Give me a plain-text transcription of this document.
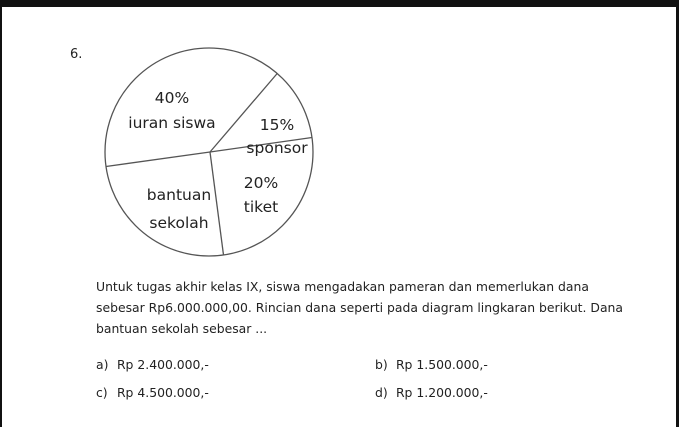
6.
40%
iuran siswa	15%
sponsor
20%
tiket
bantuan
sekolah
Untuk tugas akhir kelas IX, siswa mengadakan pameran dan memerlukan dana sebesar Rp6.000.000,00. Rincian dana seperti pada diagram lingkaran berikut. Dana bantuan sekolah sebesar ...
a) Rp 2.400.000,-	b) Rp 1.500.000,-
c) Rp 4.500.000,-	d) Rp 1.200.000,-
